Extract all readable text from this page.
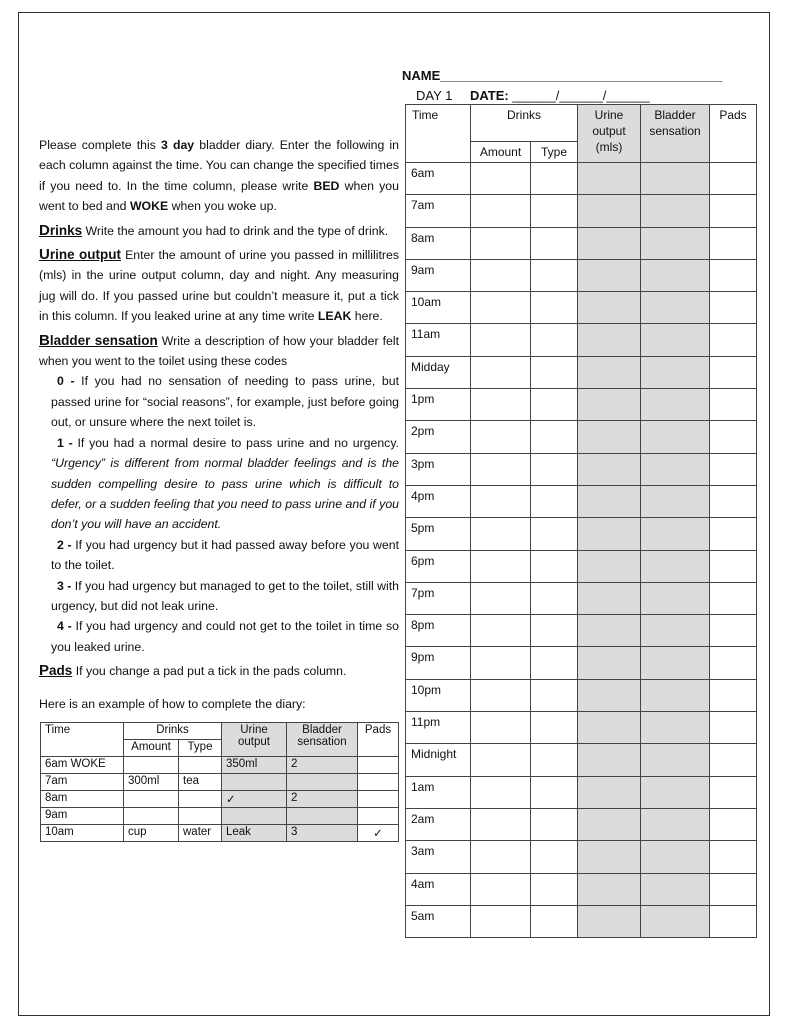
NAME_______________________________________
DAY 1 DATE: ______/______/______

Please complete this 3 day bladder diary. Enter the following in each column against the time. You can change the specified times if you need to. In the time column, please write BED when you went to bed and WOKE when you woke up.

Drinks Write the amount you had to drink and the type of drink.

Urine output Enter the amount of urine you passed in millilitres (mls) in the urine output column, day and night. Any measuring jug will do. If you passed urine but couldn’t measure it, put a tick in this column. If you leaked urine at any time write LEAK here.

Bladder sensation Write a description of how your bladder felt when you went to the toilet using these codes

0 - If you had no sensation of needing to pass urine, but passed urine for “social reasons”, for example, just before going out, or unsure where the next toilet is.

1 - If you had a normal desire to pass urine and no urgency. “Urgency” is different from normal bladder feelings and is the sudden compelling desire to pass urine which is difficult to defer, or a sudden feeling that you need to pass urine and if you don’t you will have an accident.

2 - If you had urgency but it had passed away before you went to the toilet.

3 - If you had urgency but managed to get to the toilet, still with urgency, but did not leak urine.

4 - If you had urgency and could not get to the toilet in time so you leaked urine.

Pads If you change a pad put a tick in the pads column.

Here is an example of how to complete the diary:

Time	Drinks		Urine output	Bladder sensation	Pads
	Amount	Type			
6am WOKE			350ml	2	
7am	300ml	tea			
8am			✓	2	
9am					
10am	cup	water	Leak	3	✓
Time	Drinks		Urine output (mls)	Bladder sensation	Pads
	Amount	Type			
6am					
7am					
8am					
9am					
10am					
11am					
Midday					
1pm					
2pm					
3pm					
4pm					
5pm					
6pm					
7pm					
8pm					
9pm					
10pm					
11pm					
Midnight					
1am					
2am					
3am					
4am					
5am					
